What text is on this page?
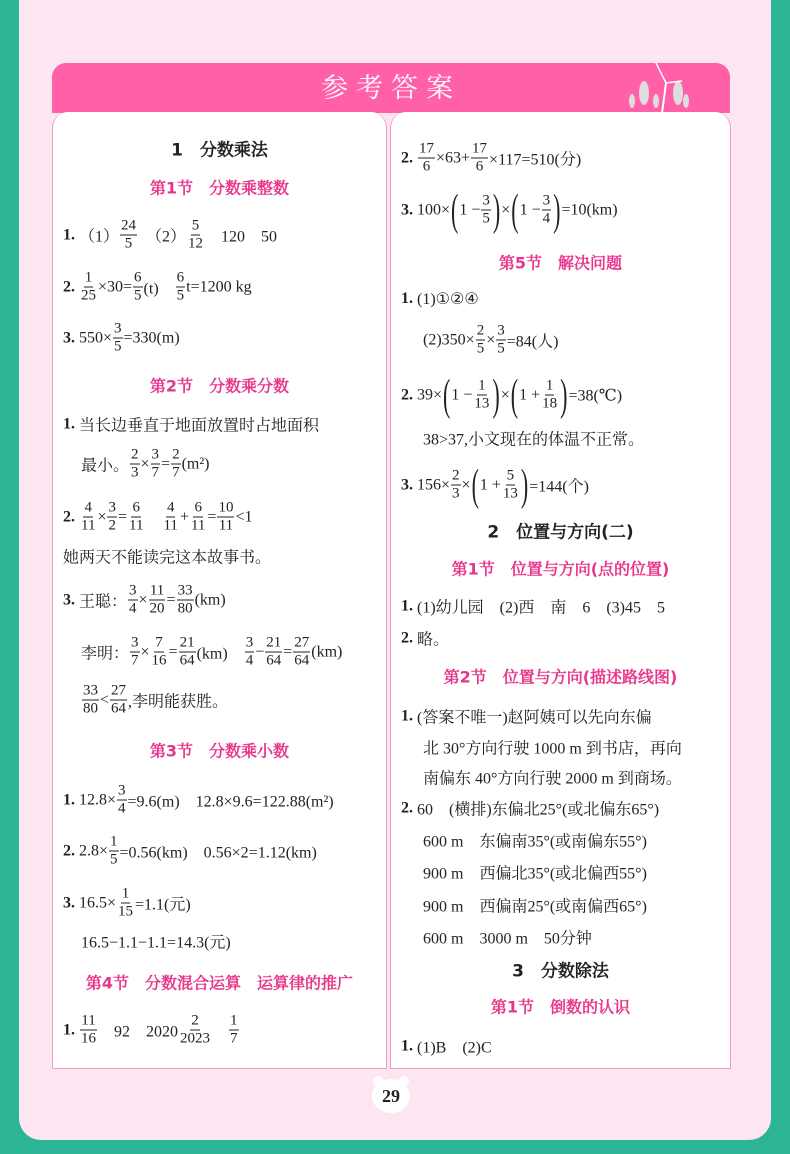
参考答案
1　分数乘法
第1节　分数乘整数
1. $(1) \frac{24}{5}$ 　$(2) \frac{5}{12}$ 　120　50
2. $\frac{1}{25} \times 30= \frac{6}{5} (t)$　 $\frac{6}{5} t=1200$ kg
3. $550\times \frac{3}{5} =330(m)$
第2节　分数乘分数
1. 当长边垂直于地面放置时占地面积
最小。 $\frac{2}{3} \times \frac{3}{7} = \frac{2}{7} (m^2)$
2. $\frac{4}{11} \times \frac{3}{2} = \frac{6}{11}$
　 $\frac{4}{11} + \frac{6}{11} = \frac{10}{11} <1$
她两天不能读完这本故事书。
3. 王聪： $\frac{3}{4} \times \frac{11}{20} = \frac{33}{80} (km)$
李明： $\frac{3}{7} \times \frac{7}{16} = \frac{21}{64} (km)$　 $\frac{3}{4} - \frac{21}{64} = \frac{27}{64} (km)$
$\frac{33}{80} < \frac{27}{64}$ ,李明能获胜。
第3节　分数乘小数
1. $12.8\times \frac{3}{4} =9.6(m)$　12.8×9.6=122.88(m²)
2. $2.8\times \frac{1}{5} =0.56(km)$　0.56×2=1.12(km)
3. $16.5\times \frac{1}{15} =1.1$(元)
16.5−1.1−1.1=14.3(元)
第4节　分数混合运算　运算律的推广
1. $\frac{11}{16}$ 　92　$2020 \frac{2}{2023}$
　 $\frac{1}{7}$
2. $\frac{17}{6} \times 63+ \frac{17}{6} \times 117=510$(分)
3. 100× ( $1 - \frac{3}{5}$ ) × ( $1 - \frac{3}{4}$ ) =10(km)
第5节　解决问题
1. (1)①②④
$(2)350\times \frac{2}{5} \times \frac{3}{5} =84$(人)
2. 39× ( $1 - \frac{1}{13}$ ) × ( $1 + \frac{1}{18}$ ) =38(℃)
38>37,小文现在的体温不正常。
3. $156\times \frac{2}{3}$ × ( $1 + \frac{5}{13}$ ) =144(个)
2　位置与方向(二)
第1节　位置与方向(点的位置)
1. (1)幼儿园　(2)西　南　6　(3)45　5
2. 略。
第2节　位置与方向(描述路线图)
1. (答案不唯一)赵阿姨可以先向东偏
北 30°方向行驶 1000 m 到书店，再向
南偏东 40°方向行驶 2000 m 到商场。
2. 60　(横排)东偏北25°(或北偏东65°)
600 m　东偏南35°(或南偏东55°)
900 m　西偏北35°(或北偏西55°)
900 m　西偏南25°(或南偏西65°)
600 m　3000 m　50分钟
3　分数除法
第1节　倒数的认识
1. (1)B　(2)C
29
